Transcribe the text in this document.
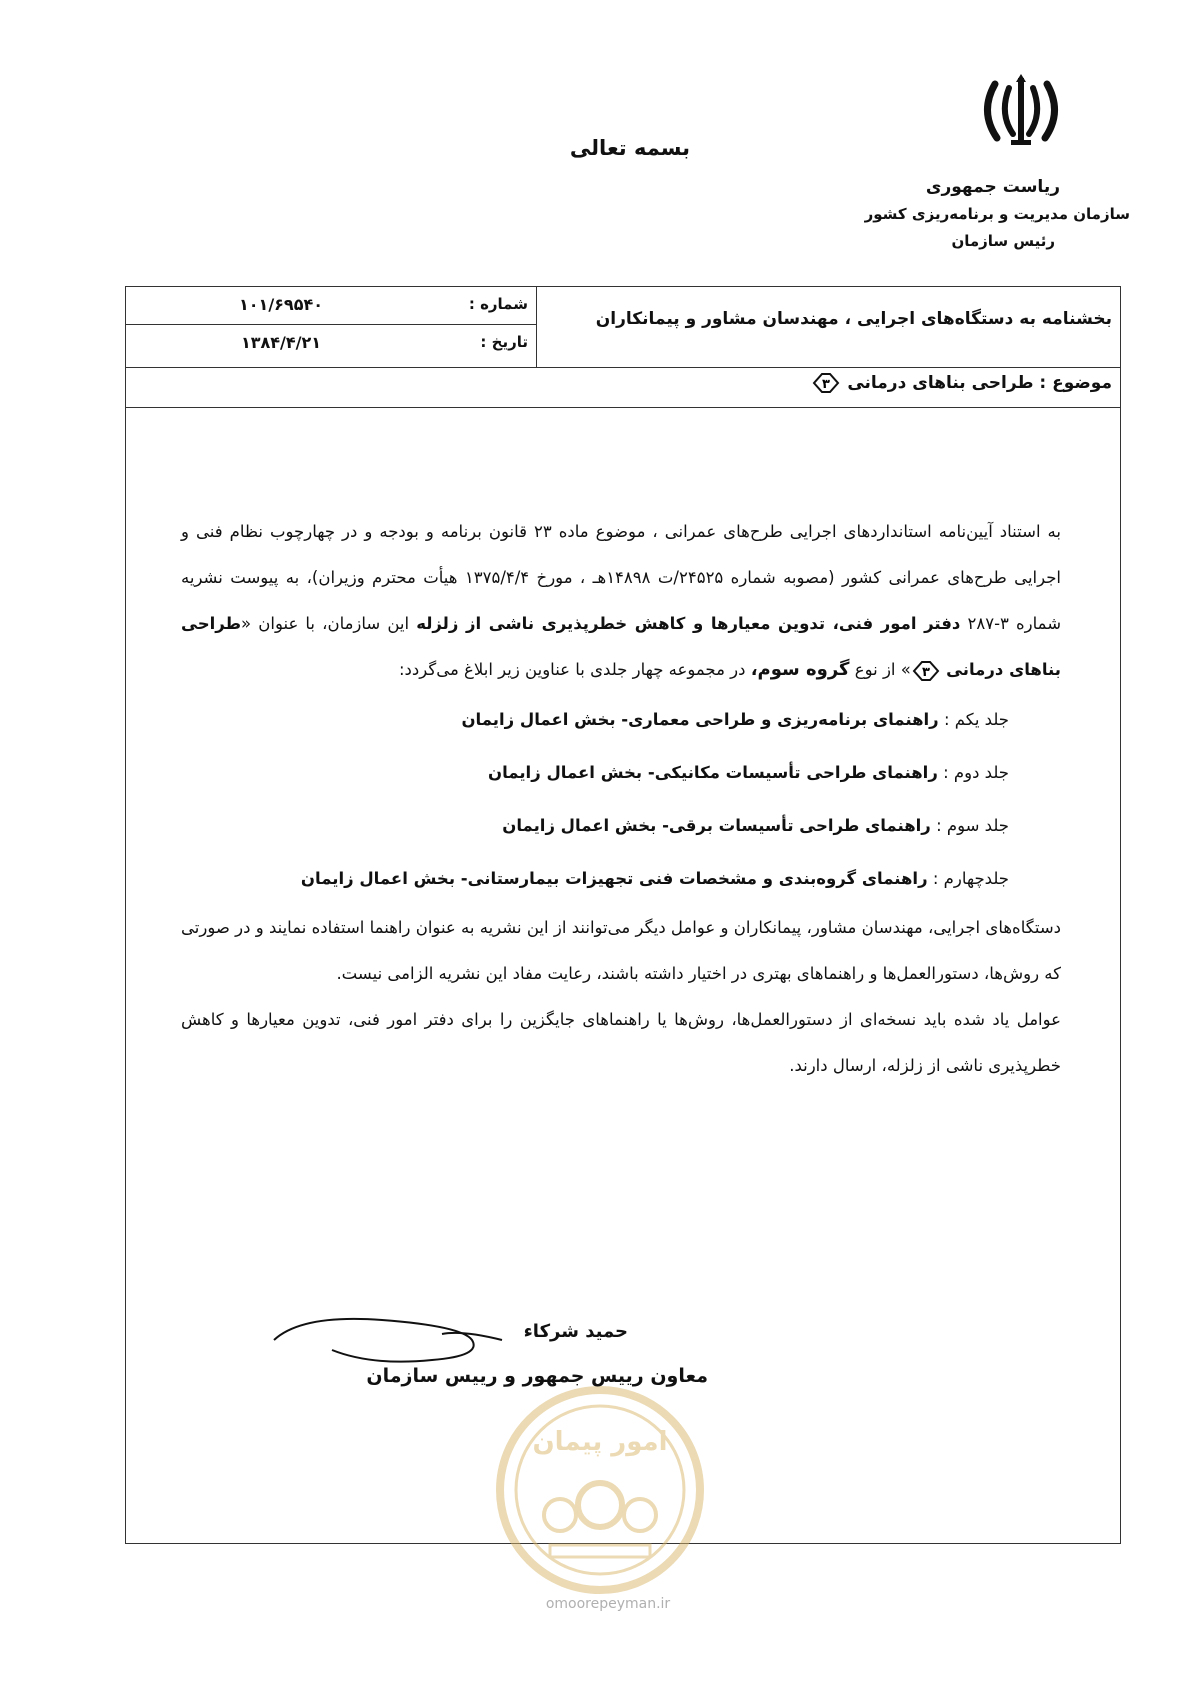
بسمه تعالی
ریاست جمهوری
سازمان مدیریت و برنامه‌ریزی کشور
رئیس سازمان
شماره :
۱۰۱/۶۹۵۴۰
تاریخ :
۱۳۸۴/۴/۲۱
بخشنامه به دستگاه‌های اجرایی ، مهندسان مشاور و پیمانکاران
موضوع : طراحی بناهای درمانی
۳
به استناد آیین‌نامه استانداردهای اجرایی طرح‌های عمرانی ، موضوع ماده ۲۳ قانون برنامه و بودجه و در چهارچوب نظام فنی و اجرایی طرح‌های عمرانی کشور (مصوبه شماره ۲۴۵۲۵/ت ۱۴۸۹۸هـ ، مورخ ۱۳۷۵/۴/۴ هیأت محترم وزیران)، به پیوست نشریه شماره ۳-۲۸۷ دفتر امور فنی، تدوین معیارها و کاهش خطرپذیری ناشی از زلزله این سازمان، با عنوان «طراحی بناهای درمانی
۳
» از نوع گروه سوم، در مجموعه چهار جلدی با عناوین زیر ابلاغ می‌گردد:
جلد یکم : راهنمای برنامه‌ریزی و طراحی معماری- بخش اعمال زایمان
جلد دوم : راهنمای طراحی تأسیسات مکانیکی- بخش اعمال زایمان
جلد سوم : راهنمای طراحی تأسیسات برقی- بخش اعمال زایمان
جلدچهارم : راهنمای گروه‌بندی و مشخصات فنی تجهیزات بیمارستانی- بخش اعمال زایمان
دستگاه‌های اجرایی، مهندسان مشاور، پیمانکاران و عوامل دیگر می‌توانند از این نشریه به عنوان راهنما استفاده نمایند و در صورتی که روش‌ها، دستورالعمل‌ها و راهنماهای بهتری در اختیار داشته باشند، رعایت مفاد این نشریه الزامی نیست.
عوامل یاد شده باید نسخه‌ای از دستورالعمل‌ها، روش‌ها یا راهنماهای جایگزین را برای دفتر امور فنی، تدوین معیارها و کاهش خطرپذیری ناشی از زلزله، ارسال دارند.
امور پیمان
حمید شرکاء
معاون رییس جمهور و رییس سازمان
omoorepeyman.ir
